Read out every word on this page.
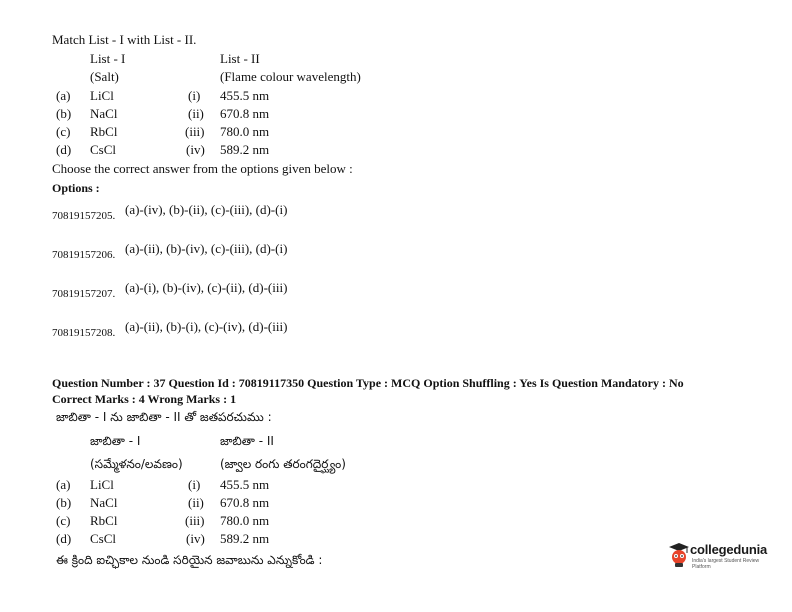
Match List - I with List - II.
List - I	List - II
(Salt)	(Flame colour wavelength)
(a) LiCl	(i) 455.5 nm
(b) NaCl	(ii) 670.8 nm
(c) RbCl	(iii) 780.0 nm
(d) CsCl	(iv) 589.2 nm
Choose the correct answer from the options given below :
Options :
70819157205. (a)-(iv), (b)-(ii), (c)-(iii), (d)-(i)
70819157206. (a)-(ii), (b)-(iv), (c)-(iii), (d)-(i)
70819157207. (a)-(i), (b)-(iv), (c)-(ii), (d)-(iii)
70819157208. (a)-(ii), (b)-(i), (c)-(iv), (d)-(iii)
Question Number : 37 Question Id : 70819117350 Question Type : MCQ Option Shuffling : Yes Is Question Mandatory : No
Correct Marks : 4 Wrong Marks : 1
జాబితా - I ను జాబితా - II తో జతపరచుము :
జాబితా - I	జాబితా - II
(సమ్మేళనం/లవణం)	(జ్వాల రంగు తరంగదైర్ఘ్యం)
(a) LiCl	(i) 455.5 nm
(b) NaCl	(ii) 670.8 nm
(c) RbCl	(iii) 780.0 nm
(d) CsCl	(iv) 589.2 nm
ఈ క్రింది ఐచ్ఛికాల నుండి సరియైన జవాబును ఎన్నుకోండి :
collegedunia
India's largest Student Review Platform
